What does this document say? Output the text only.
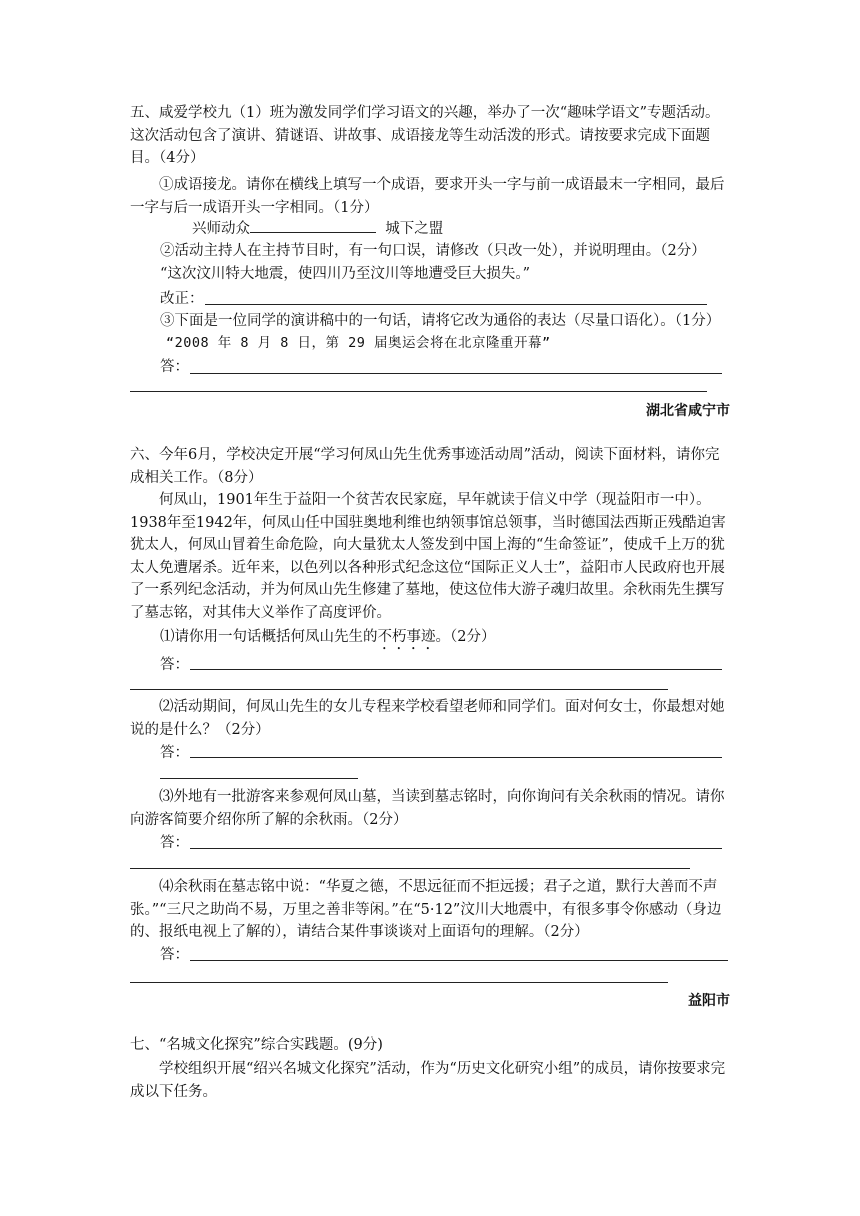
五、咸爱学校九（1）班为激发同学们学习语文的兴趣，举办了一次“趣味学语文”专题活动。这次活动包含了演讲、猜谜语、讲故事、成语接龙等生动活泼的形式。请按要求完成下面题目。（4分）

①成语接龙。请你在横线上填写一个成语，要求开头一字与前一成语最末一字相同，最后一字与后一成语开头一字相同。（1分）

兴师动众	城下之盟

②活动主持人在主持节目时，有一句口误，请修改（只改一处），并说明理由。（2分）

“这次汶川特大地震，使四川乃至汶川等地遭受巨大损失。”

改正：

③下面是一位同学的演讲稿中的一句话，请将它改为通俗的表达（尽量口语化）。（1分）

“2008 年 8 月 8 日，第 29 届奥运会将在北京隆重开幕”

答：
湖北省咸宁市

六、今年6月，学校决定开展“学习何凤山先生优秀事迹活动周”活动，阅读下面材料，请你完成相关工作。（8分）

何凤山，1901年生于益阳一个贫苦农民家庭，早年就读于信义中学（现益阳市一中）。1938年至1942年，何凤山任中国驻奥地利维也纳领事馆总领事，当时德国法西斯正残酷迫害犹太人，何凤山冒着生命危险，向大量犹太人签发到中国上海的“生命签证”，使成千上万的犹太人免遭屠杀。近年来，以色列以各种形式纪念这位“国际正义人士”，益阳市人民政府也开展了一系列纪念活动，并为何凤山先生修建了墓地，使这位伟大游子魂归故里。余秋雨先生撰写了墓志铭，对其伟大义举作了高度评价。

⑴请你用一句话概括何凤山先生的不朽事迹。（2分）
答：

⑵活动期间，何凤山先生的女儿专程来学校看望老师和同学们。面对何女士，你最想对她说的是什么？（2分）

答：

⑶外地有一批游客来参观何凤山墓，当读到墓志铭时，向你询问有关余秋雨的情况。请你向游客简要介绍你所了解的余秋雨。（2分）

答：

⑷余秋雨在墓志铭中说：“华夏之德，不思远征而不拒远援；君子之道，默行大善而不声张。”“三尺之助尚不易，万里之善非等闲。”在“5·12”汶川大地震中，有很多事令你感动（身边的、报纸电视上了解的），请结合某件事谈谈对上面语句的理解。（2分）

答：
益阳市

七、“名城文化探究”综合实践题。(9分)

学校组织开展“绍兴名城文化探究”活动，作为“历史文化研究小组”的成员，请你按要求完成以下任务。
